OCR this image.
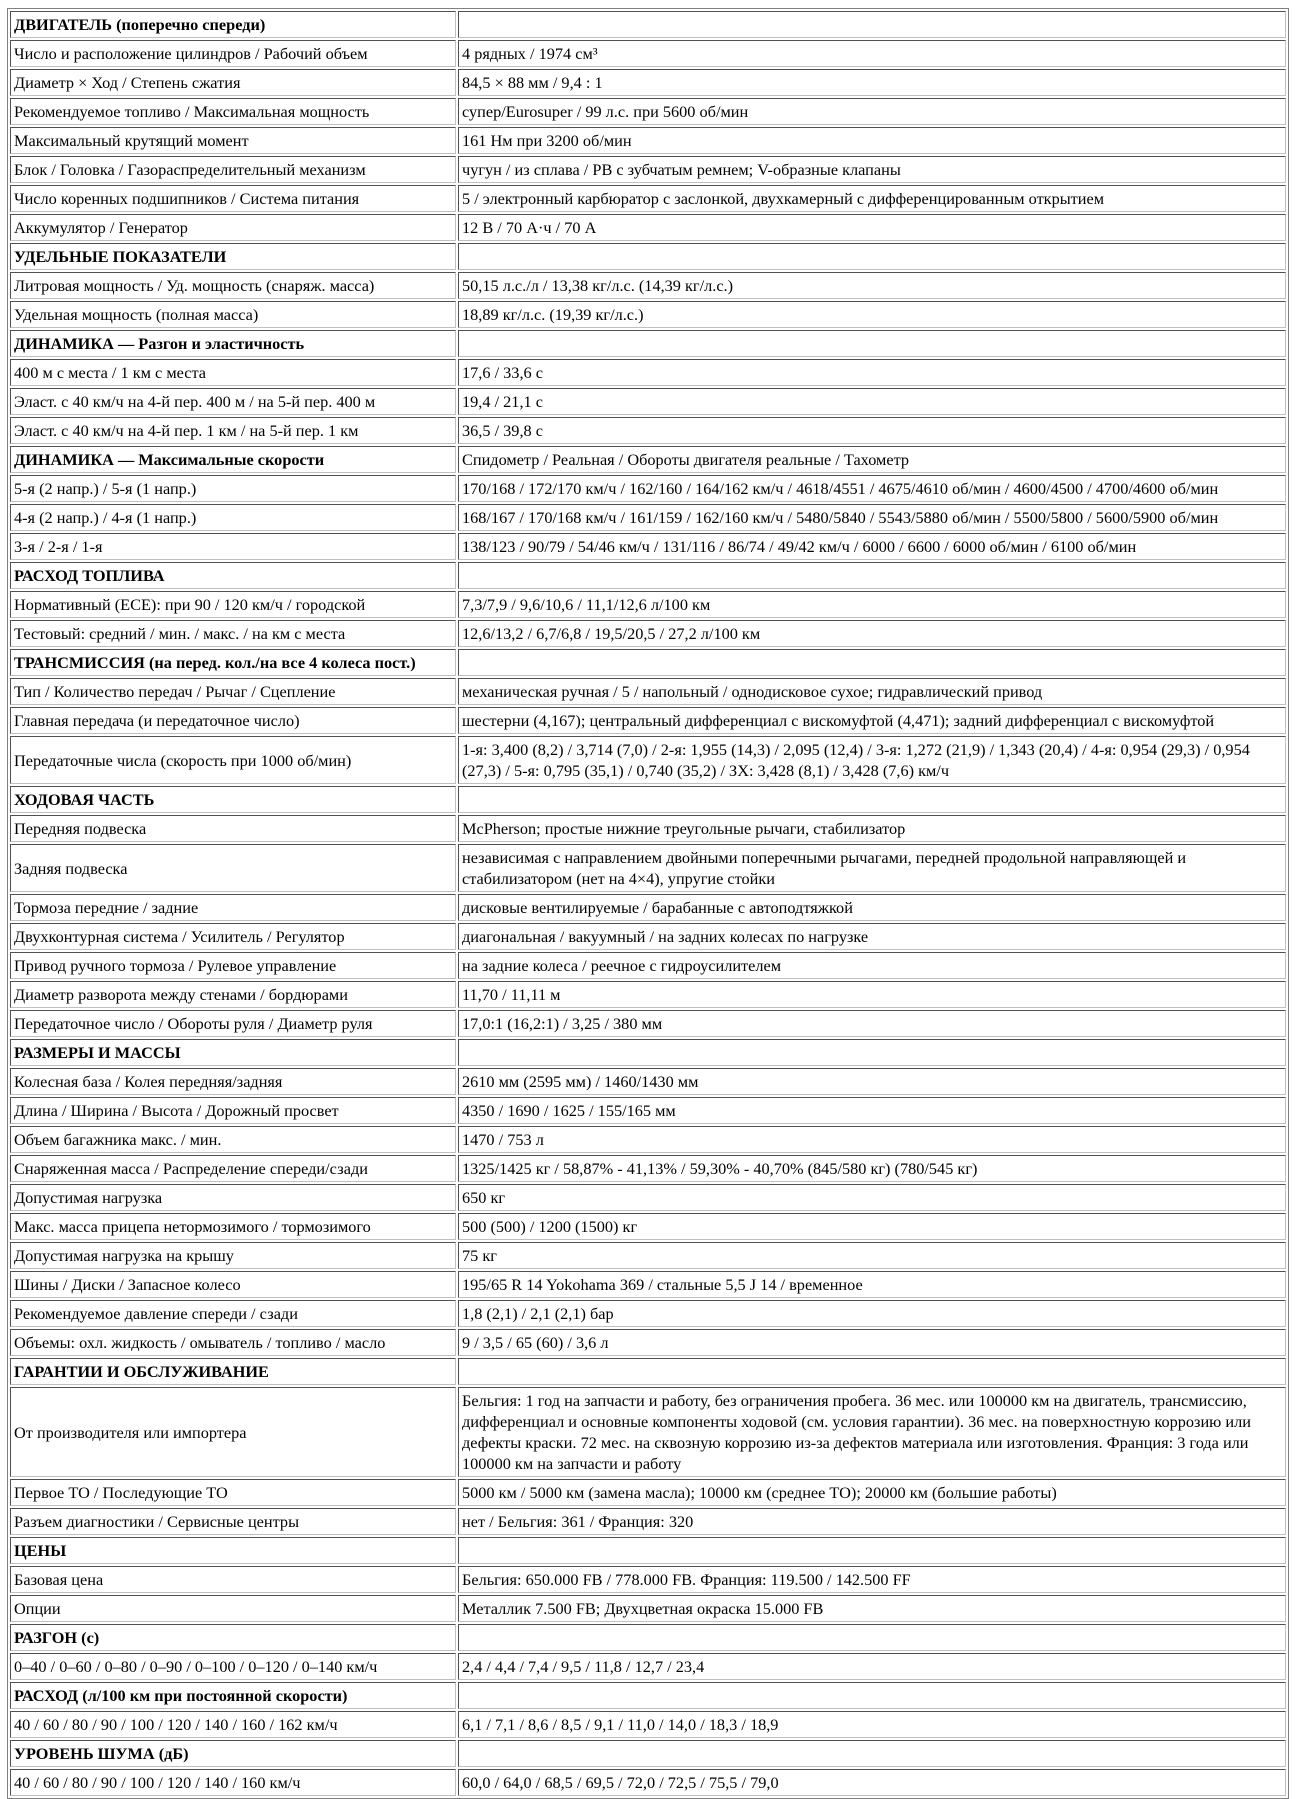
ДВИГАТЕЛЬ (поперечно спереди)	
Число и расположение цилиндров / Рабочий объем	4 рядных / 1974 см³
Диаметр × Ход / Степень сжатия	84,5 × 88 мм / 9,4 : 1
Рекомендуемое топливо / Максимальная мощность	супер/Eurosuper / 99 л.с. при 5600 об/мин
Максимальный крутящий момент	161 Нм при 3200 об/мин
Блок / Головка / Газораспределительный механизм	чугун / из сплава / РВ с зубчатым ремнем; V-образные клапаны
Число коренных подшипников / Система питания	5 / электронный карбюратор с заслонкой, двухкамерный с дифференцированным открытием
Аккумулятор / Генератор	12 В / 70 А·ч / 70 А
УДЕЛЬНЫЕ ПОКАЗАТЕЛИ	
Литровая мощность / Уд. мощность (снаряж. масса)	50,15 л.с./л / 13,38 кг/л.с. (14,39 кг/л.с.)
Удельная мощность (полная масса)	18,89 кг/л.с. (19,39 кг/л.с.)
ДИНАМИКА — Разгон и эластичность	
400 м с места / 1 км с места	17,6 / 33,6 с
Эласт. с 40 км/ч на 4-й пер. 400 м / на 5-й пер. 400 м	19,4 / 21,1 с
Эласт. с 40 км/ч на 4-й пер. 1 км / на 5-й пер. 1 км	36,5 / 39,8 с
ДИНАМИКА — Максимальные скорости	Спидометр / Реальная / Обороты двигателя реальные / Тахометр
5-я (2 напр.) / 5-я (1 напр.)	170/168 / 172/170 км/ч / 162/160 / 164/162 км/ч / 4618/4551 / 4675/4610 об/мин / 4600/4500 / 4700/4600 об/мин
4-я (2 напр.) / 4-я (1 напр.)	168/167 / 170/168 км/ч / 161/159 / 162/160 км/ч / 5480/5840 / 5543/5880 об/мин / 5500/5800 / 5600/5900 об/мин
3-я / 2-я / 1-я	138/123 / 90/79 / 54/46 км/ч / 131/116 / 86/74 / 49/42 км/ч / 6000 / 6600 / 6000 об/мин / 6100 об/мин
РАСХОД ТОПЛИВА	
Нормативный (ECE): при 90 / 120 км/ч / городской	7,3/7,9 / 9,6/10,6 / 11,1/12,6 л/100 км
Тестовый: средний / мин. / макс. / на км с места	12,6/13,2 / 6,7/6,8 / 19,5/20,5 / 27,2 л/100 км
ТРАНСМИССИЯ (на перед. кол./на все 4 колеса пост.)	
Тип / Количество передач / Рычаг / Сцепление	механическая ручная / 5 / напольный / однодисковое сухое; гидравлический привод
Главная передача (и передаточное число)	шестерни (4,167); центральный дифференциал с вискомуфтой (4,471); задний дифференциал с вискомуфтой
Передаточные числа (скорость при 1000 об/мин)	1-я: 3,400 (8,2) / 3,714 (7,0) / 2-я: 1,955 (14,3) / 2,095 (12,4) / 3-я: 1,272 (21,9) / 1,343 (20,4) / 4-я: 0,954 (29,3) / 0,954 (27,3) / 5-я: 0,795 (35,1) / 0,740 (35,2) / ЗХ: 3,428 (8,1) / 3,428 (7,6) км/ч
ХОДОВАЯ ЧАСТЬ	
Передняя подвеска	McPherson; простые нижние треугольные рычаги, стабилизатор
Задняя подвеска	независимая с направлением двойными поперечными рычагами, передней продольной направляющей и стабилизатором (нет на 4×4), упругие стойки
Тормоза передние / задние	дисковые вентилируемые / барабанные с автоподтяжкой
Двухконтурная система / Усилитель / Регулятор	диагональная / вакуумный / на задних колесах по нагрузке
Привод ручного тормоза / Рулевое управление	на задние колеса / реечное с гидроусилителем
Диаметр разворота между стенами / бордюрами	11,70 / 11,11 м
Передаточное число / Обороты руля / Диаметр руля	17,0:1 (16,2:1) / 3,25 / 380 мм
РАЗМЕРЫ И МАССЫ	
Колесная база / Колея передняя/задняя	2610 мм (2595 мм) / 1460/1430 мм
Длина / Ширина / Высота / Дорожный просвет	4350 / 1690 / 1625 / 155/165 мм
Объем багажника макс. / мин.	1470 / 753 л
Снаряженная масса / Распределение спереди/сзади	1325/1425 кг / 58,87% - 41,13% / 59,30% - 40,70% (845/580 кг) (780/545 кг)
Допустимая нагрузка	650 кг
Макс. масса прицепа нетормозимого / тормозимого	500 (500) / 1200 (1500) кг
Допустимая нагрузка на крышу	75 кг
Шины / Диски / Запасное колесо	195/65 R 14 Yokohama 369 / стальные 5,5 J 14 / временное
Рекомендуемое давление спереди / сзади	1,8 (2,1) / 2,1 (2,1) бар
Объемы: охл. жидкость / омыватель / топливо / масло	9 / 3,5 / 65 (60) / 3,6 л
ГАРАНТИИ И ОБСЛУЖИВАНИЕ	
От производителя или импортера	Бельгия: 1 год на запчасти и работу, без ограничения пробега. 36 мес. или 100000 км на двигатель, трансмиссию, дифференциал и основные компоненты ходовой (см. условия гарантии). 36 мес. на поверхностную коррозию или дефекты краски. 72 мес. на сквозную коррозию из-за дефектов материала или изготовления. Франция: 3 года или 100000 км на запчасти и работу
Первое ТО / Последующие ТО	5000 км / 5000 км (замена масла); 10000 км (среднее ТО); 20000 км (большие работы)
Разъем диагностики / Сервисные центры	нет / Бельгия: 361 / Франция: 320
ЦЕНЫ	
Базовая цена	Бельгия: 650.000 FB / 778.000 FB. Франция: 119.500 / 142.500 FF
Опции	Металлик 7.500 FB; Двухцветная окраска 15.000 FB
РАЗГОН (с)	
0–40 / 0–60 / 0–80 / 0–90 / 0–100 / 0–120 / 0–140 км/ч	2,4 / 4,4 / 7,4 / 9,5 / 11,8 / 12,7 / 23,4
РАСХОД (л/100 км при постоянной скорости)	
40 / 60 / 80 / 90 / 100 / 120 / 140 / 160 / 162 км/ч	6,1 / 7,1 / 8,6 / 8,5 / 9,1 / 11,0 / 14,0 / 18,3 / 18,9
УРОВЕНЬ ШУМА (дБ)	
40 / 60 / 80 / 90 / 100 / 120 / 140 / 160 км/ч	60,0 / 64,0 / 68,5 / 69,5 / 72,0 / 72,5 / 75,5 / 79,0
